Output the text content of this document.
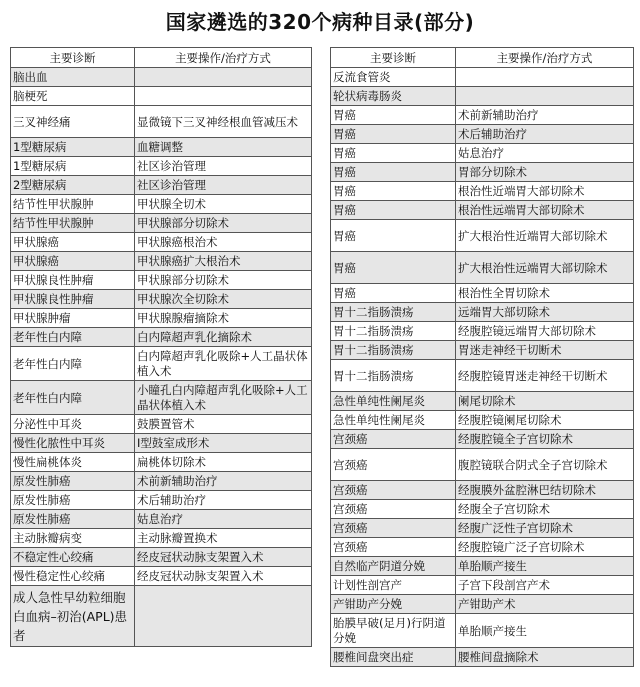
国家遴选的320个病种目录(部分)
主要诊断	主要操作/治疗方式
脑出血	
脑梗死	
三叉神经痛	显微镜下三叉神经根血管减压术
1型糖尿病	血糖调整
1型糖尿病	社区诊治管理
2型糖尿病	社区诊治管理
结节性甲状腺肿	甲状腺全切术
结节性甲状腺肿	甲状腺部分切除术
甲状腺癌	甲状腺癌根治术
甲状腺癌	甲状腺癌扩大根治术
甲状腺良性肿瘤	甲状腺部分切除术
甲状腺良性肿瘤	甲状腺次全切除术
甲状腺肿瘤	甲状腺腺瘤摘除术
老年性白内障	白内障超声乳化摘除术
老年性白内障	白内障超声乳化吸除+人工晶状体植入术
老年性白内障	小瞳孔白内障超声乳化吸除+人工晶状体植入术
分泌性中耳炎	鼓膜置管术
慢性化脓性中耳炎	I型鼓室成形术
慢性扁桃体炎	扁桃体切除术
原发性肺癌	术前新辅助治疗
原发性肺癌	术后辅助治疗
原发性肺癌	姑息治疗
主动脉瓣病变	主动脉瓣置换术
不稳定性心绞痛	经皮冠状动脉支架置入术
慢性稳定性心绞痛	经皮冠状动脉支架置入术
成人急性早幼粒细胞白血病–初治(APL)患者	
主要诊断	主要操作/治疗方式
反流食管炎	
轮状病毒肠炎	
胃癌	术前新辅助治疗
胃癌	术后辅助治疗
胃癌	姑息治疗
胃癌	胃部分切除术
胃癌	根治性近端胃大部切除术
胃癌	根治性远端胃大部切除术
胃癌	扩大根治性近端胃大部切除术
胃癌	扩大根治性远端胃大部切除术
胃癌	根治性全胃切除术
胃十二指肠溃疡	远端胃大部切除术
胃十二指肠溃疡	经腹腔镜远端胃大部切除术
胃十二指肠溃疡	胃迷走神经干切断术
胃十二指肠溃疡	经腹腔镜胃迷走神经干切断术
急性单纯性阑尾炎	阑尾切除术
急性单纯性阑尾炎	经腹腔镜阑尾切除术
宫颈癌	经腹腔镜全子宫切除术
宫颈癌	腹腔镜联合阴式全子宫切除术
宫颈癌	经腹膜外盆腔淋巴结切除术
宫颈癌	经腹全子宫切除术
宫颈癌	经腹广泛性子宫切除术
宫颈癌	经腹腔镜广泛子宫切除术
自然临产阴道分娩	单胎顺产接生
计划性剖宫产	子宫下段剖宫产术
产钳助产分娩	产钳助产术
胎膜早破(足月)行阴道分娩	单胎顺产接生
腰椎间盘突出症	腰椎间盘摘除术
